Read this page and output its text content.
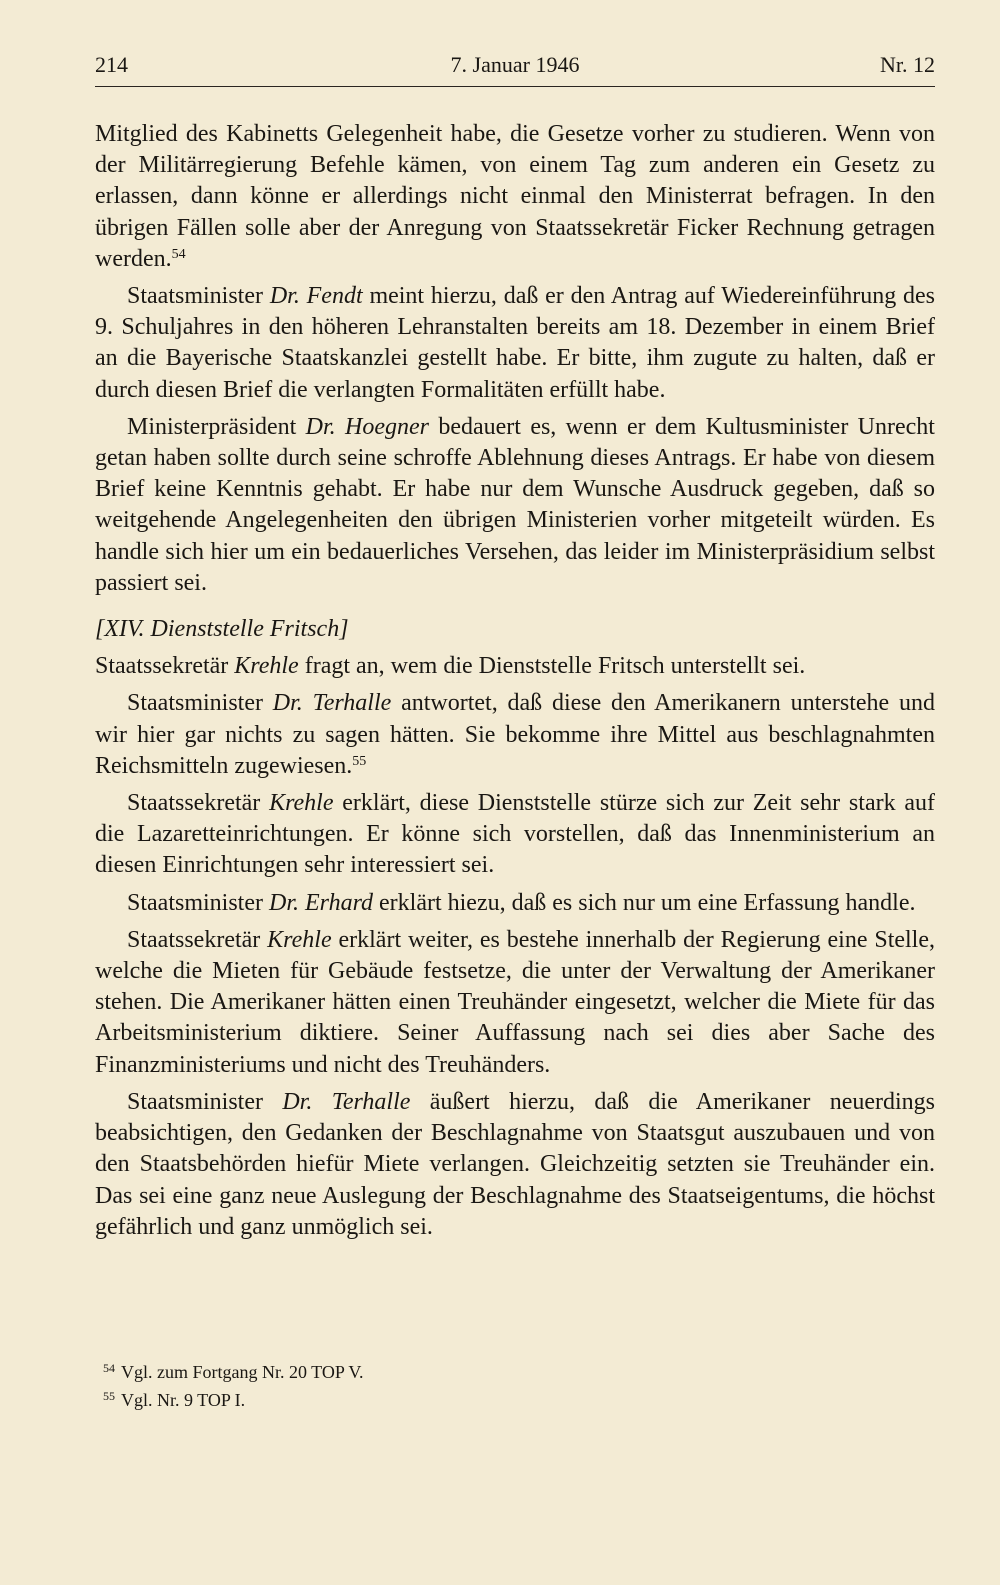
214	7. Januar 1946	Nr. 12

Mitglied des Kabinetts Gelegenheit habe, die Gesetze vorher zu studieren. Wenn von der Militärregierung Befehle kämen, von einem Tag zum anderen ein Gesetz zu erlassen, dann könne er allerdings nicht einmal den Ministerrat befragen. In den übrigen Fällen solle aber der Anregung von Staatssekretär Ficker Rechnung getragen werden.$^{54}$

Staatsminister Dr. Fendt meint hierzu, daß er den Antrag auf Wiedereinführung des 9. Schuljahres in den höheren Lehranstalten bereits am 18. Dezember in einem Brief an die Bayerische Staatskanzlei gestellt habe. Er bitte, ihm zugute zu halten, daß er durch diesen Brief die verlangten Formalitäten erfüllt habe.

Ministerpräsident Dr. Hoegner bedauert es, wenn er dem Kultusminister Unrecht getan haben sollte durch seine schroffe Ablehnung dieses Antrags. Er habe von diesem Brief keine Kenntnis gehabt. Er habe nur dem Wunsche Ausdruck gegeben, daß so weitgehende Angelegenheiten den übrigen Ministerien vorher mitgeteilt würden. Es handle sich hier um ein bedauerliches Versehen, das leider im Ministerpräsidium selbst passiert sei.

[XIV. Dienststelle Fritsch]

Staatssekretär Krehle fragt an, wem die Dienststelle Fritsch unterstellt sei.

Staatsminister Dr. Terhalle antwortet, daß diese den Amerikanern unterstehe und wir hier gar nichts zu sagen hätten. Sie bekomme ihre Mittel aus beschlagnahmten Reichsmitteln zugewiesen.$^{55}$

Staatssekretär Krehle erklärt, diese Dienststelle stürze sich zur Zeit sehr stark auf die Lazaretteinrichtungen. Er könne sich vorstellen, daß das Innenministerium an diesen Einrichtungen sehr interessiert sei.

Staatsminister Dr. Erhard erklärt hiezu, daß es sich nur um eine Erfassung handle.

Staatssekretär Krehle erklärt weiter, es bestehe innerhalb der Regierung eine Stelle, welche die Mieten für Gebäude festsetze, die unter der Verwaltung der Amerikaner stehen. Die Amerikaner hätten einen Treuhänder eingesetzt, welcher die Miete für das Arbeitsministerium diktiere. Seiner Auffassung nach sei dies aber Sache des Finanzministeriums und nicht des Treuhänders.

Staatsminister Dr. Terhalle äußert hierzu, daß die Amerikaner neuerdings beabsichtigen, den Gedanken der Beschlagnahme von Staatsgut auszubauen und von den Staatsbehörden hiefür Miete verlangen. Gleichzeitig setzten sie Treuhänder ein. Das sei eine ganz neue Auslegung der Beschlagnahme des Staatseigentums, die höchst gefährlich und ganz unmöglich sei.

$^{54}$ Vgl. zum Fortgang Nr. 20 TOP V.
$^{55}$ Vgl. Nr. 9 TOP I.
